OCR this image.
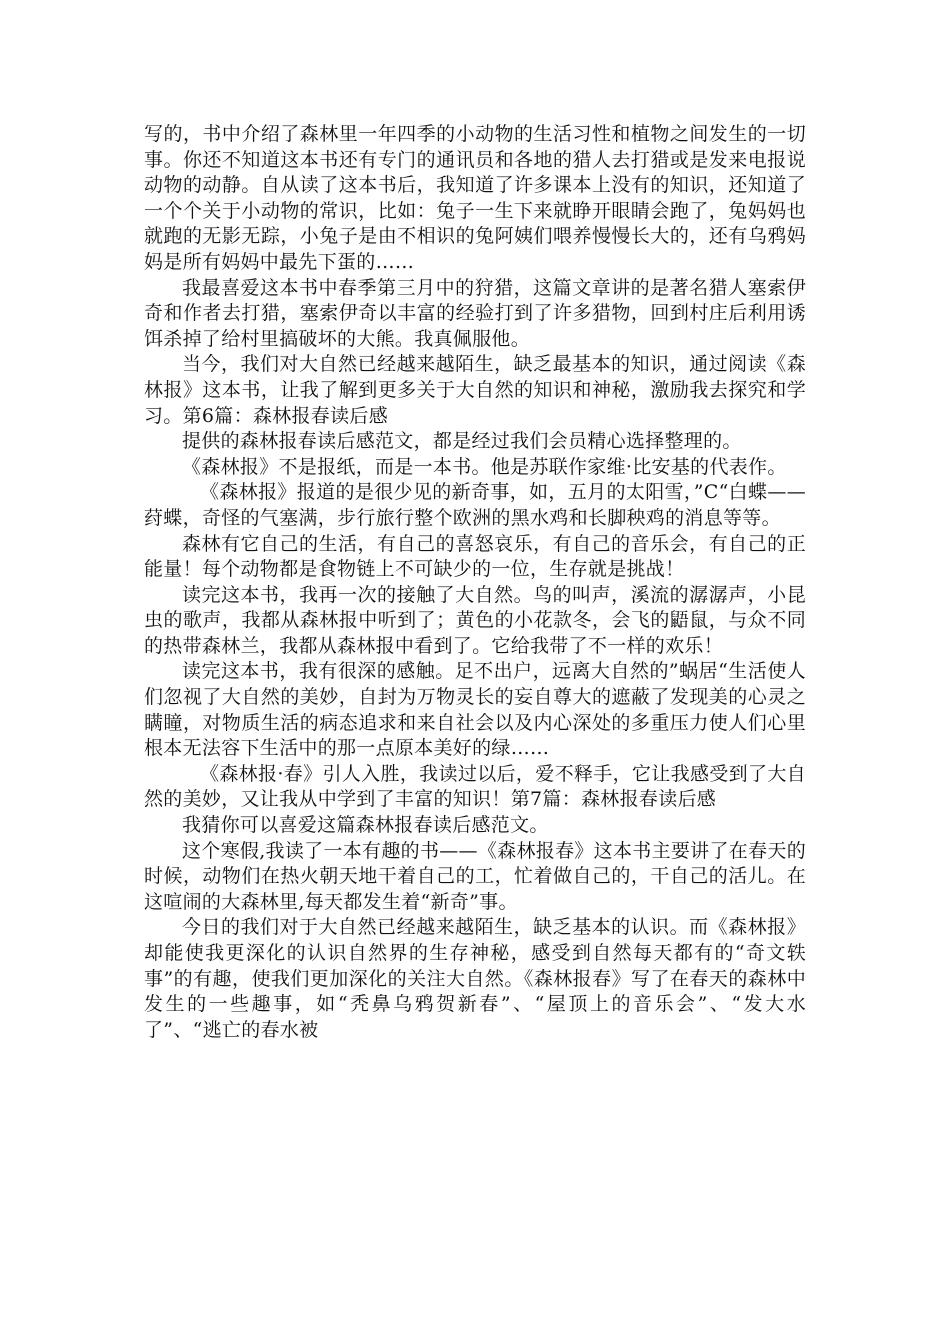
写的，书中介绍了森林里一年四季的小动物的生活习性和植物之间发生的一切事。你还不知道这本书还有专门的通讯员和各地的猎人去打猎或是发来电报说动物的动静。自从读了这本书后，我知道了许多课本上没有的知识，还知道了一个个关于小动物的常识，比如：兔子一生下来就睁开眼睛会跑了，兔妈妈也就跑的无影无踪，小兔子是由不相识的兔阿姨们喂养慢慢长大的，还有乌鸦妈妈是所有妈妈中最先下蛋的……

我最喜爱这本书中春季第三月中的狩猎，这篇文章讲的是著名猎人塞索伊奇和作者去打猎，塞索伊奇以丰富的经验打到了许多猎物，回到村庄后利用诱饵杀掉了给村里搞破坏的大熊。我真佩服他。

当今，我们对大自然已经越来越陌生，缺乏最基本的知识，通过阅读《森林报》这本书，让我了解到更多关于大自然的知识和神秘，激励我去探究和学习。第6篇：森林报春读后感

提供的森林报春读后感范文，都是经过我们会员精心选择整理的。

《森林报》不是报纸，而是一本书。他是苏联作家维·比安基的代表作。

《森林报》报道的是很少见的新奇事，如，五月的太阳雪，”C“白蝶——荮蝶，奇怪的气塞满，步行旅行整个欧洲的黑水鸡和长脚秧鸡的消息等等。

森林有它自己的生活，有自己的喜怒哀乐，有自己的音乐会，有自己的正能量！每个动物都是食物链上不可缺少的一位，生存就是挑战！

读完这本书，我再一次的接触了大自然。鸟的叫声，溪流的潺潺声，小昆虫的歌声，我都从森林报中听到了；黄色的小花款冬，会飞的鼯鼠，与众不同的热带森林兰，我都从森林报中看到了。它给我带了不一样的欢乐！

读完这本书，我有很深的感触。足不出户，远离大自然的”蜗居“生活使人们忽视了大自然的美妙，自封为万物灵长的妄自尊大的遮蔽了发现美的心灵之瞒瞳，对物质生活的病态追求和来自社会以及内心深处的多重压力使人们心里根本无法容下生活中的那一点原本美好的绿……

《森林报·春》引人入胜，我读过以后，爱不释手，它让我感受到了大自然的美妙，又让我从中学到了丰富的知识！第7篇：森林报春读后感

我猜你可以喜爱这篇森林报春读后感范文。

这个寒假,我读了一本有趣的书——《森林报春》这本书主要讲了在春天的时候，动物们在热火朝天地干着自己的工，忙着做自己的，干自己的活儿。在这喧闹的大森林里,每天都发生着“新奇”事。

今日的我们对于大自然已经越来越陌生，缺乏基本的认识。而《森林报》却能使我更深化的认识自然界的生存神秘，感受到自然每天都有的“奇文轶事”的有趣，使我们更加深化的关注大自然。《森林报春》写了在春天的森林中发生的一些趣事，如“秃鼻乌鸦贺新春”、“屋顶上的音乐会”、“发大水了”、“逃亡的春水被
